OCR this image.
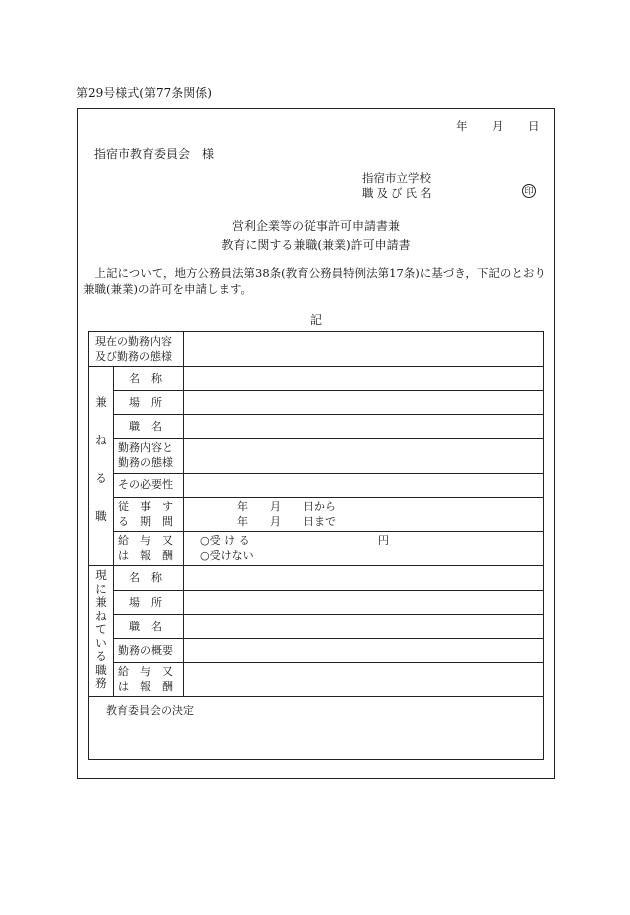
第29号様式(第77条関係)
年 月 日
指宿市教育委員会　様
指宿市立学校
職及び氏名	印
営利企業等の従事許可申請書兼
教育に関する兼職(兼業)許可申請書
上記について，地方公務員法第38条(教育公務員特例法第17条)に基づき，下記のとおり兼職(兼業)の許可を申請します。
記
現在の勤務内容
及び勤務の態様
兼
ね
る
職
名　称
場　所
職　名
勤務内容と
勤務の態様
その必要性
従　事　す
る　期　間
年　　月　　日から
年　　月　　日まで
給　与　又
は　報　酬
○受 け る	円
○受けない
現
に
兼
ね
て
い
る
職
務
名　称
場　所
職　名
勤務の概要
給　与　又
は　報　酬
教育委員会の決定
